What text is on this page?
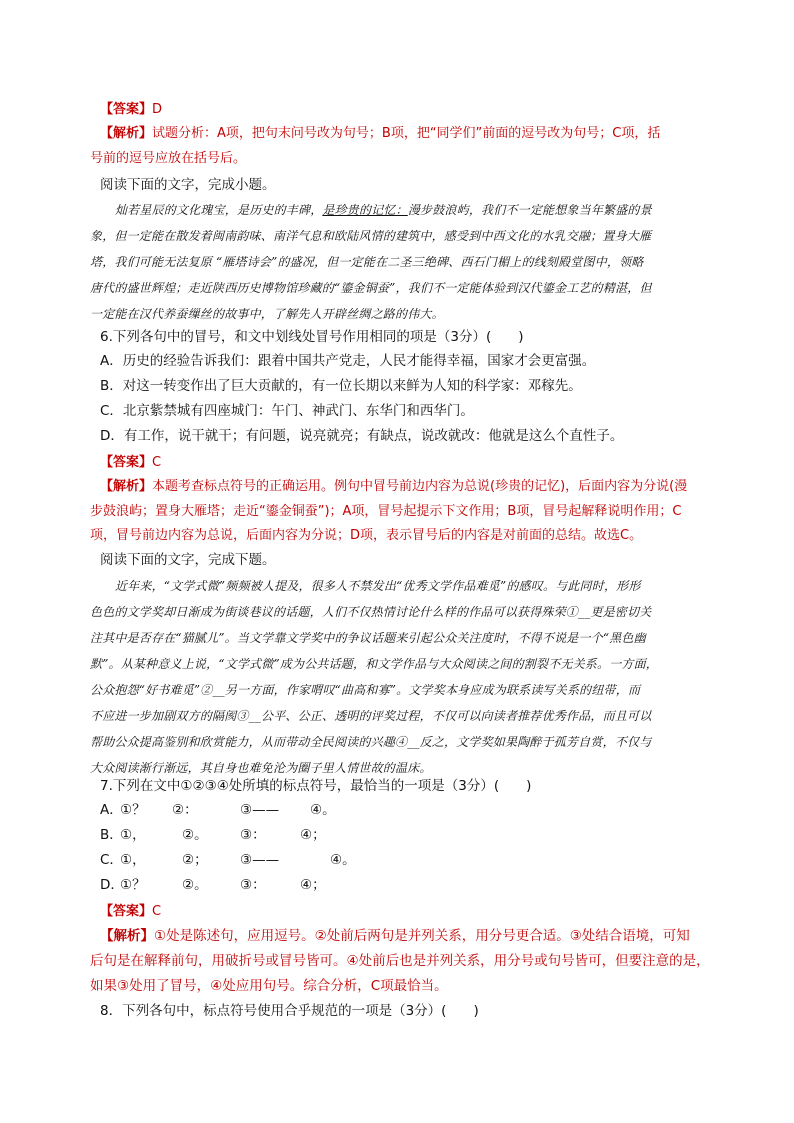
【答案】D
【解析】试题分析：A项，把句末问号改为句号；B项，把“同学们”前面的逗号改为句号；C项，括
号前的逗号应放在括号后。
阅读下面的文字，完成小题。
灿若星辰的文化瑰宝，是历史的丰碑，是珍贵的记忆：漫步鼓浪屿，我们不一定能想象当年繁盛的景
象，但一定能在散发着闽南韵味、南洋气息和欧陆风情的建筑中，感受到中西文化的水乳交融；置身大雁
塔，我们可能无法复原 “雁塔诗会”的盛况，但一定能在二圣三绝碑、西石门楣上的线刻殿堂图中，领略
唐代的盛世辉煌；走近陕西历史博物馆珍藏的“鎏金铜蚕”，我们不一定能体验到汉代鎏金工艺的精湛，但
一定能在汉代养蚕缫丝的故事中，了解先人开辟丝绸之路的伟大。
6.下列各句中的冒号，和文中划线处冒号作用相同的项是（3分）(　　)
A．历史的经验告诉我们：跟着中国共产党走，人民才能得幸福，国家才会更富强。
B．对这一转变作出了巨大贡献的，有一位长期以来鲜为人知的科学家：邓稼先。
C．北京紫禁城有四座城门：午门、神武门、东华门和西华门。
D．有工作，说干就干；有问题，说亮就亮；有缺点，说改就改：他就是这么个直性子。
【答案】C
【解析】本题考查标点符号的正确运用。例句中冒号前边内容为总说(珍贵的记忆)，后面内容为分说(漫
步鼓浪屿；置身大雁塔；走近“鎏金铜蚕”)；A项，冒号起提示下文作用；B项，冒号起解释说明作用；C
项，冒号前边内容为总说，后面内容为分说；D项，表示冒号后的内容是对前面的总结。故选C。
阅读下面的文字，完成下题。
近年来，“文学式微”频频被人提及，很多人不禁发出“优秀文学作品难觅”的感叹。与此同时，形形
色色的文学奖却日渐成为街谈巷议的话题，人们不仅热情讨论什么样的作品可以获得殊荣①__更是密切关
注其中是否存在“猫腻儿”。当文学靠文学奖中的争议话题来引起公众关注度时，不得不说是一个“黑色幽
默”。从某种意义上说，“文学式微”成为公共话题，和文学作品与大众阅读之间的割裂不无关系。一方面，
公众抱怨“好书难觅”②__另一方面，作家喟叹“曲高和寡”。文学奖本身应成为联系读写关系的纽带，而
不应进一步加剧双方的隔阂③__公平、公正、透明的评奖过程，不仅可以向读者推荐优秀作品，而且可以
帮助公众提高鉴别和欣赏能力，从而带动全民阅读的兴趣④__反之，文学奖如果陶醉于孤芳自赏，不仅与
大众阅读渐行渐远，其自身也难免沦为圈子里人情世故的温床。
7.下列在文中①②③④处所填的标点符号，最恰当的一项是（3分）(　　)
A．
①？ ②：	③—— ④。
B．
①，	②。 ③：	④；
C．
①，	②； ③——	④。
D．
①？	②。 ③：	④；
【答案】C
【解析】①处是陈述句，应用逗号。②处前后两句是并列关系，用分号更合适。③处结合语境，可知
后句是在解释前句，用破折号或冒号皆可。④处前后也是并列关系，用分号或句号皆可，但要注意的是，
如果③处用了冒号，④处应用句号。综合分析，C项最恰当。
8．下列各句中，标点符号使用合乎规范的一项是（3分）(　　)
